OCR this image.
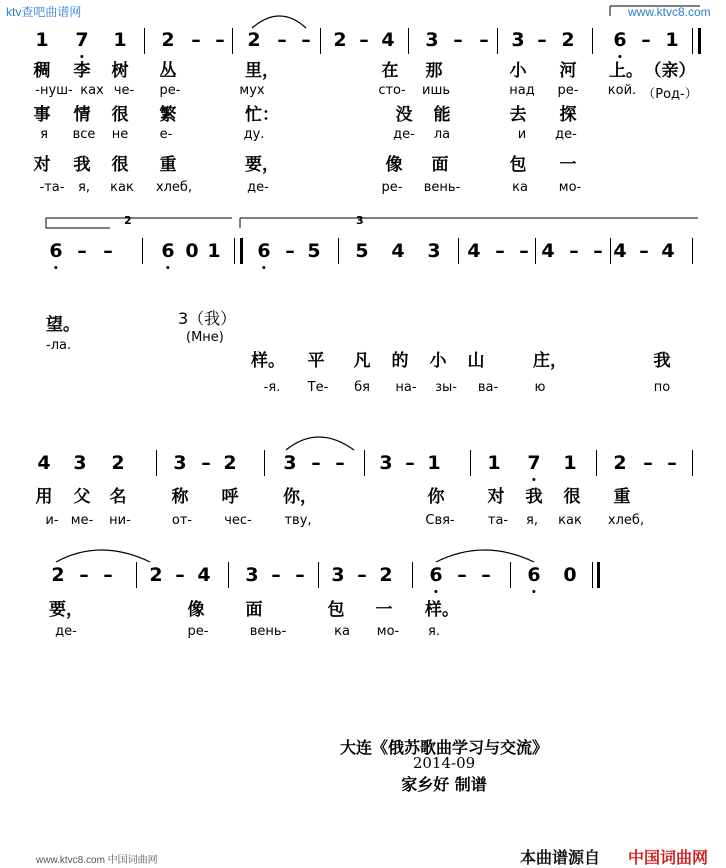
ktv查吧曲谱网	www.ktvc8.com
www.ktvc8.com 中国词曲网	本曲谱源自 中国词曲网
1 7 1 2 – – 2 – – 2 – 4 3 – – 3 – 2 6 – 1
稠 李 树 丛	里，	在 那	小 河 上。 （亲）
-нуш- ках че- ре-	мух	сто- ишь	над ре- кой. （Род-）
事 情 很 繁	忙：	没 能	去 探
я все не е-	ду.	де- ла	и де-
对 我 很 重	要，	像 面	包 一
-та- я, как хлеб,	де-	ре- вень-	ка мо-
2	3
6 – –	6 0 1 6 – 5 5 4 3 4 – – 4 – – 4 – 4
望。
-ла.
3（我）
(Мне)
样。 平 凡 的 小 山	庄，	我
-я. Те- бя на- зы- ва-	ю	по
4 3 2	3 – 2 3 – – 3 – 1 1 7 1 2 – –
用 父 名	称 呼	你，	你	对 我 很 重
и- ме- ни-	от- чес-	тву,	Свя-	та- я, как хлеб,
2 – – 2 – 4 3 – – 3 – 2 6 – – 6 0
要，	像 面	包 一 样。
де-	ре-	вень-	ка мо- я.
大连《俄苏歌曲学习与交流》
2014-09
家乡好 制谱
